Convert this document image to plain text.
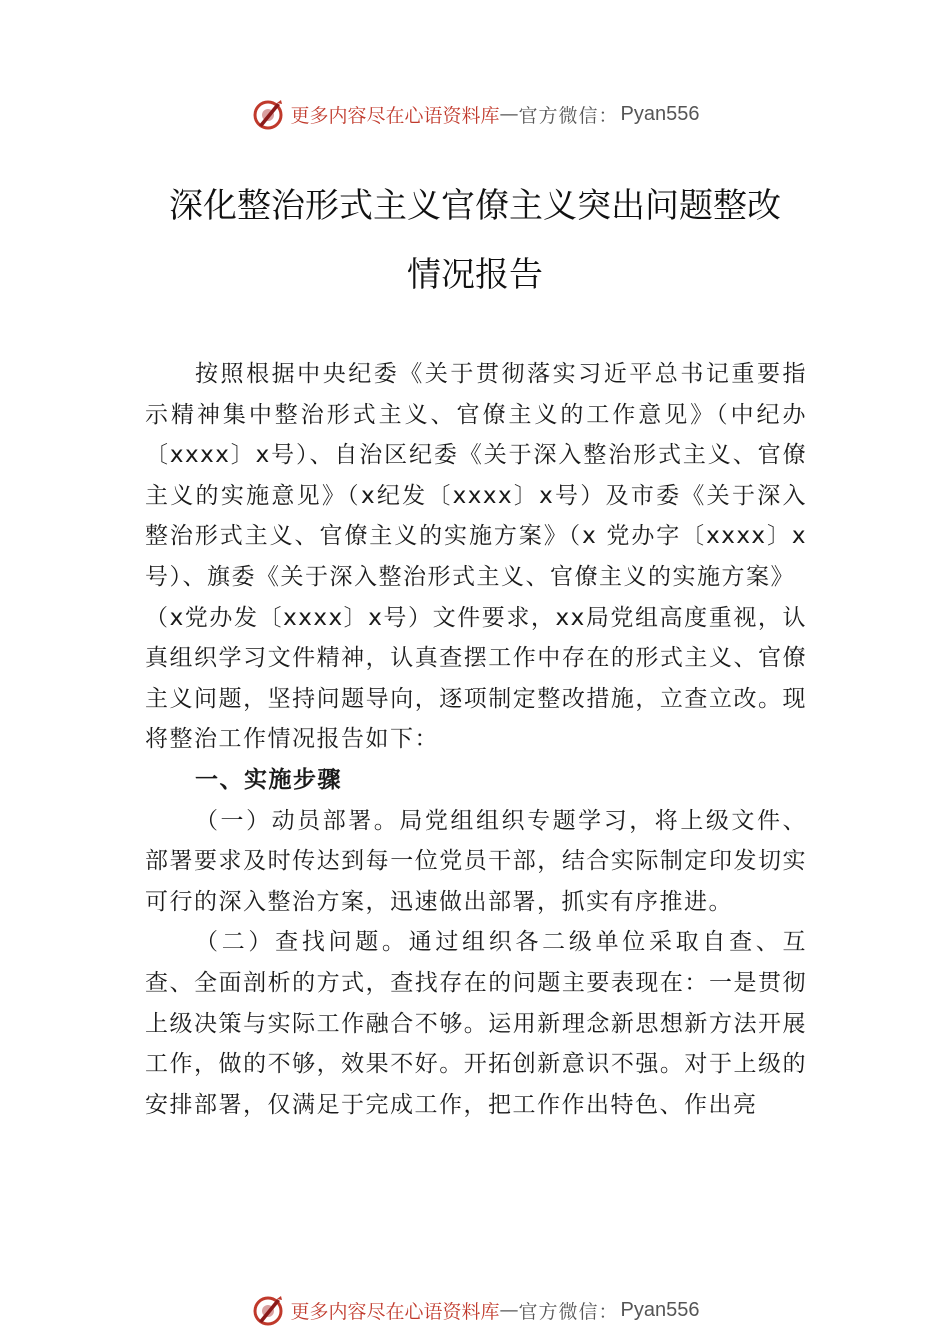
更多内容尽在心语资料库 — 官方微信： Pyan556
深化整治形式主义官僚主义突出问题整改
情况报告

按照根据中央纪委《关于贯彻落实习近平总书记重要指示精神集中整治形式主义、官僚主义的工作意见》（中纪办〔xxxx〕x号）、自治区纪委《关于深入整治形式主义、官僚主义的实施意见》（x纪发〔xxxx〕x号）及市委《关于深入整治形式主义、官僚主义的实施方案》（x 党办字〔xxxx〕x号）、旗委《关于深入整治形式主义、官僚主义的实施方案》

（x党办发〔xxxx〕x号）文件要求，xx局党组高度重视，认真组织学习文件精神，认真查摆工作中存在的形式主义、官僚主义问题，坚持问题导向，逐项制定整改措施，立查立改。现将整治工作情况报告如下：

一、实施步骤

（一）动员部署。局党组组织专题学习，将上级文件、部署要求及时传达到每一位党员干部，结合实际制定印发切实可行的深入整治方案，迅速做出部署，抓实有序推进。

（二）查找问题。通过组织各二级单位采取自查、互查、全面剖析的方式，查找存在的问题主要表现在：一是贯彻上级决策与实际工作融合不够。运用新理念新思想新方法开展工作，做的不够，效果不好。开拓创新意识不强。对于上级的安排部署，仅满足于完成工作，把工作作出特色、作出亮

更多内容尽在心语资料库 — 官方微信： Pyan556
